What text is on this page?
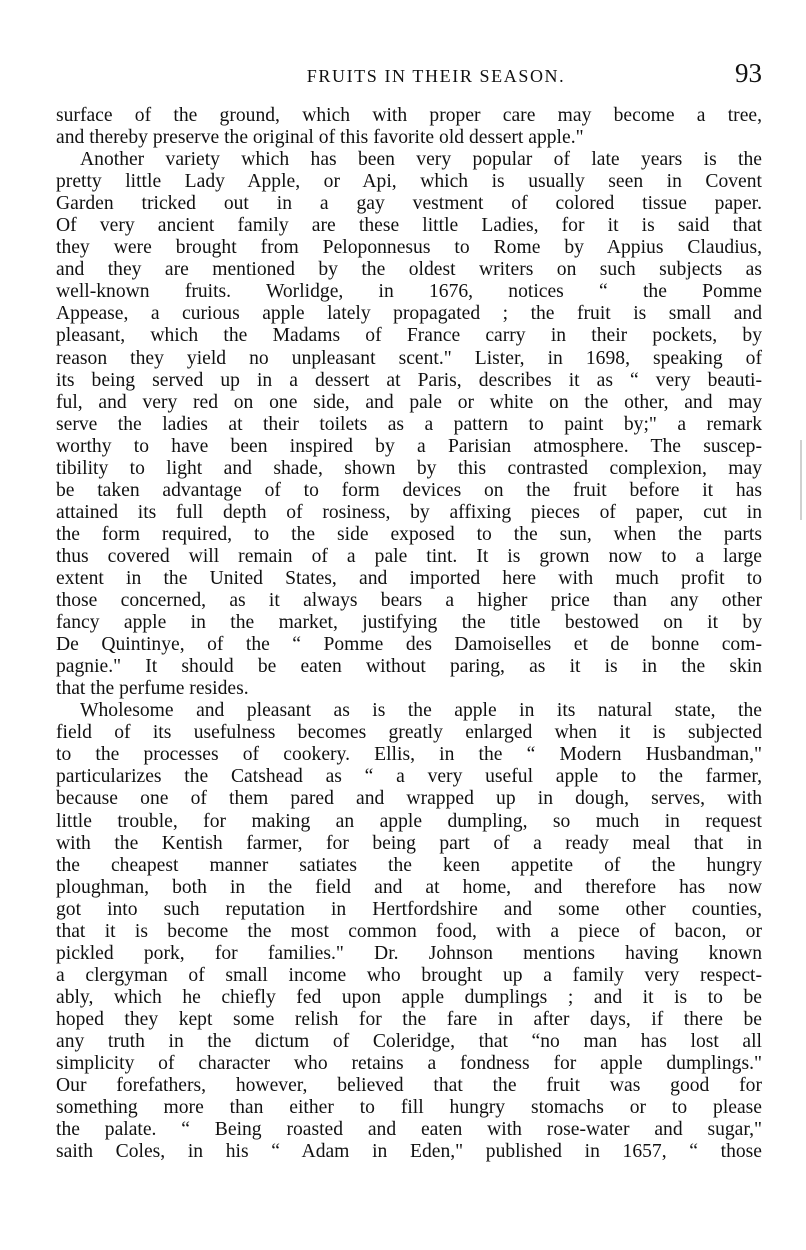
FRUITS IN THEIR SEASON.	93
surface of the ground, which with proper care may become a tree,
and thereby preserve the original of this favorite old dessert apple."
Another variety which has been very popular of late years is the
pretty little Lady Apple, or Api, which is usually seen in Covent
Garden tricked out in a gay vestment of colored tissue paper.
Of very ancient family are these little Ladies, for it is said that
they were brought from Peloponnesus to Rome by Appius Claudius,
and they are mentioned by the oldest writers on such subjects as
well-known fruits. Worlidge, in 1676, notices “ the Pomme
Appease, a curious apple lately propagated ; the fruit is small and
pleasant, which the Madams of France carry in their pockets, by
reason they yield no unpleasant scent." Lister, in 1698, speaking of
its being served up in a dessert at Paris, describes it as “ very beauti-
ful, and very red on one side, and pale or white on the other, and may
serve the ladies at their toilets as a pattern to paint by;" a remark
worthy to have been inspired by a Parisian atmosphere. The suscep-
tibility to light and shade, shown by this contrasted complexion, may
be taken advantage of to form devices on the fruit before it has
attained its full depth of rosiness, by affixing pieces of paper, cut in
the form required, to the side exposed to the sun, when the parts
thus covered will remain of a pale tint. It is grown now to a large
extent in the United States, and imported here with much profit to
those concerned, as it always bears a higher price than any other
fancy apple in the market, justifying the title bestowed on it by
De Quintinye, of the “ Pomme des Damoiselles et de bonne com-
pagnie." It should be eaten without paring, as it is in the skin
that the perfume resides.
Wholesome and pleasant as is the apple in its natural state, the
field of its usefulness becomes greatly enlarged when it is subjected
to the processes of cookery. Ellis, in the “ Modern Husbandman,"
particularizes the Catshead as “ a very useful apple to the farmer,
because one of them pared and wrapped up in dough, serves, with
little trouble, for making an apple dumpling, so much in request
with the Kentish farmer, for being part of a ready meal that in
the cheapest manner satiates the keen appetite of the hungry
ploughman, both in the field and at home, and therefore has now
got into such reputation in Hertfordshire and some other counties,
that it is become the most common food, with a piece of bacon, or
pickled pork, for families." Dr. Johnson mentions having known
a clergyman of small income who brought up a family very respect-
ably, which he chiefly fed upon apple dumplings ; and it is to be
hoped they kept some relish for the fare in after days, if there be
any truth in the dictum of Coleridge, that “no man has lost all
simplicity of character who retains a fondness for apple dumplings."
Our forefathers, however, believed that the fruit was good for
something more than either to fill hungry stomachs or to please
the palate. “ Being roasted and eaten with rose-water and sugar,"
saith Coles, in his “ Adam in Eden," published in 1657, “ those
